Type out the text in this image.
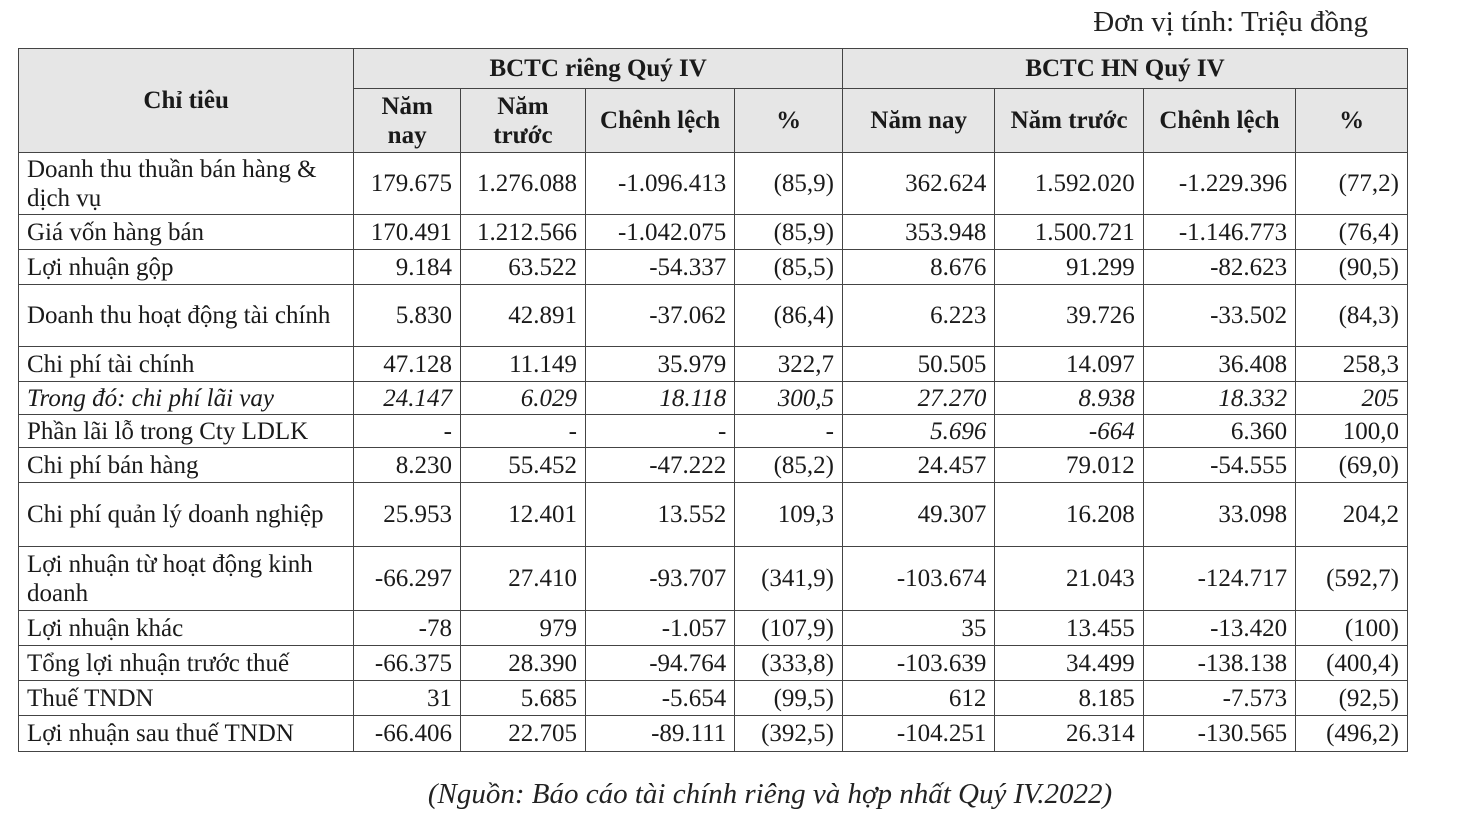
Đơn vị tính: Triệu đồng
Chỉ tiêu	BCTC riêng Quý IV				BCTC HN Quý IV			
	Năm nay	Năm trước	Chênh lệch	%	Năm nay	Năm trước	Chênh lệch	%
Doanh thu thuần bán hàng & dịch vụ	179.675	1.276.088	-1.096.413	(85,9)	362.624	1.592.020	-1.229.396	(77,2)
Giá vốn hàng bán	170.491	1.212.566	-1.042.075	(85,9)	353.948	1.500.721	-1.146.773	(76,4)
Lợi nhuận gộp	9.184	63.522	-54.337	(85,5)	8.676	91.299	-82.623	(90,5)
Doanh thu hoạt động tài chính	5.830	42.891	-37.062	(86,4)	6.223	39.726	-33.502	(84,3)
Chi phí tài chính	47.128	11.149	35.979	322,7	50.505	14.097	36.408	258,3
Trong đó: chi phí lãi vay	24.147	6.029	18.118	300,5	27.270	8.938	18.332	205
Phần lãi lỗ trong Cty LDLK	-	-	-	-	5.696	-664	6.360	100,0
Chi phí bán hàng	8.230	55.452	-47.222	(85,2)	24.457	79.012	-54.555	(69,0)
Chi phí quản lý doanh nghiệp	25.953	12.401	13.552	109,3	49.307	16.208	33.098	204,2
Lợi nhuận từ hoạt động kinh doanh	-66.297	27.410	-93.707	(341,9)	-103.674	21.043	-124.717	(592,7)
Lợi nhuận khác	-78	979	-1.057	(107,9)	35	13.455	-13.420	(100)
Tổng lợi nhuận trước thuế	-66.375	28.390	-94.764	(333,8)	-103.639	34.499	-138.138	(400,4)
Thuế TNDN	31	5.685	-5.654	(99,5)	612	8.185	-7.573	(92,5)
Lợi nhuận sau thuế TNDN	-66.406	22.705	-89.111	(392,5)	-104.251	26.314	-130.565	(496,2)
(Nguồn: Báo cáo tài chính riêng và hợp nhất Quý IV.2022)
